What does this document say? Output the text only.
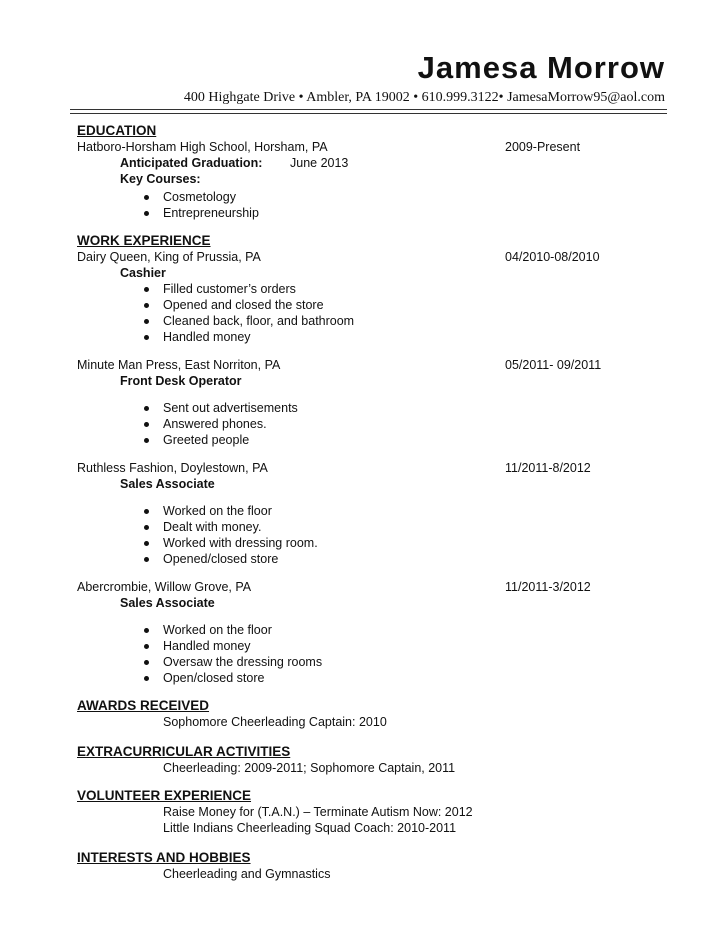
Jamesa Morrow
400 Highgate Drive • Ambler, PA 19002 • 610.999.3122• JamesaMorrow95@aol.com
EDUCATION
Hatboro-Horsham High School, Horsham, PA	2009-Present
Anticipated Graduation: June 2013
Key Courses:
Cosmetology
Entrepreneurship
WORK EXPERIENCE
Dairy Queen, King of Prussia, PA	04/2010-08/2010
Cashier
Filled customer’s orders
Opened and closed the store
Cleaned back, floor, and bathroom
Handled money
Minute Man Press, East Norriton, PA	05/2011- 09/2011
Front Desk Operator
Sent out advertisements
Answered phones.
Greeted people
Ruthless Fashion, Doylestown, PA	11/2011-8/2012
Sales Associate
Worked on the floor
Dealt with money.
Worked with dressing room.
Opened/closed store
Abercrombie, Willow Grove, PA	11/2011-3/2012
Sales Associate
Worked on the floor
Handled money
Oversaw the dressing rooms
Open/closed store
AWARDS RECEIVED
Sophomore Cheerleading Captain: 2010
EXTRACURRICULAR ACTIVITIES
Cheerleading: 2009-2011; Sophomore Captain, 2011
VOLUNTEER EXPERIENCE
Raise Money for (T.A.N.) – Terminate Autism Now: 2012
Little Indians Cheerleading Squad Coach: 2010-2011
INTERESTS AND HOBBIES
Cheerleading and Gymnastics
